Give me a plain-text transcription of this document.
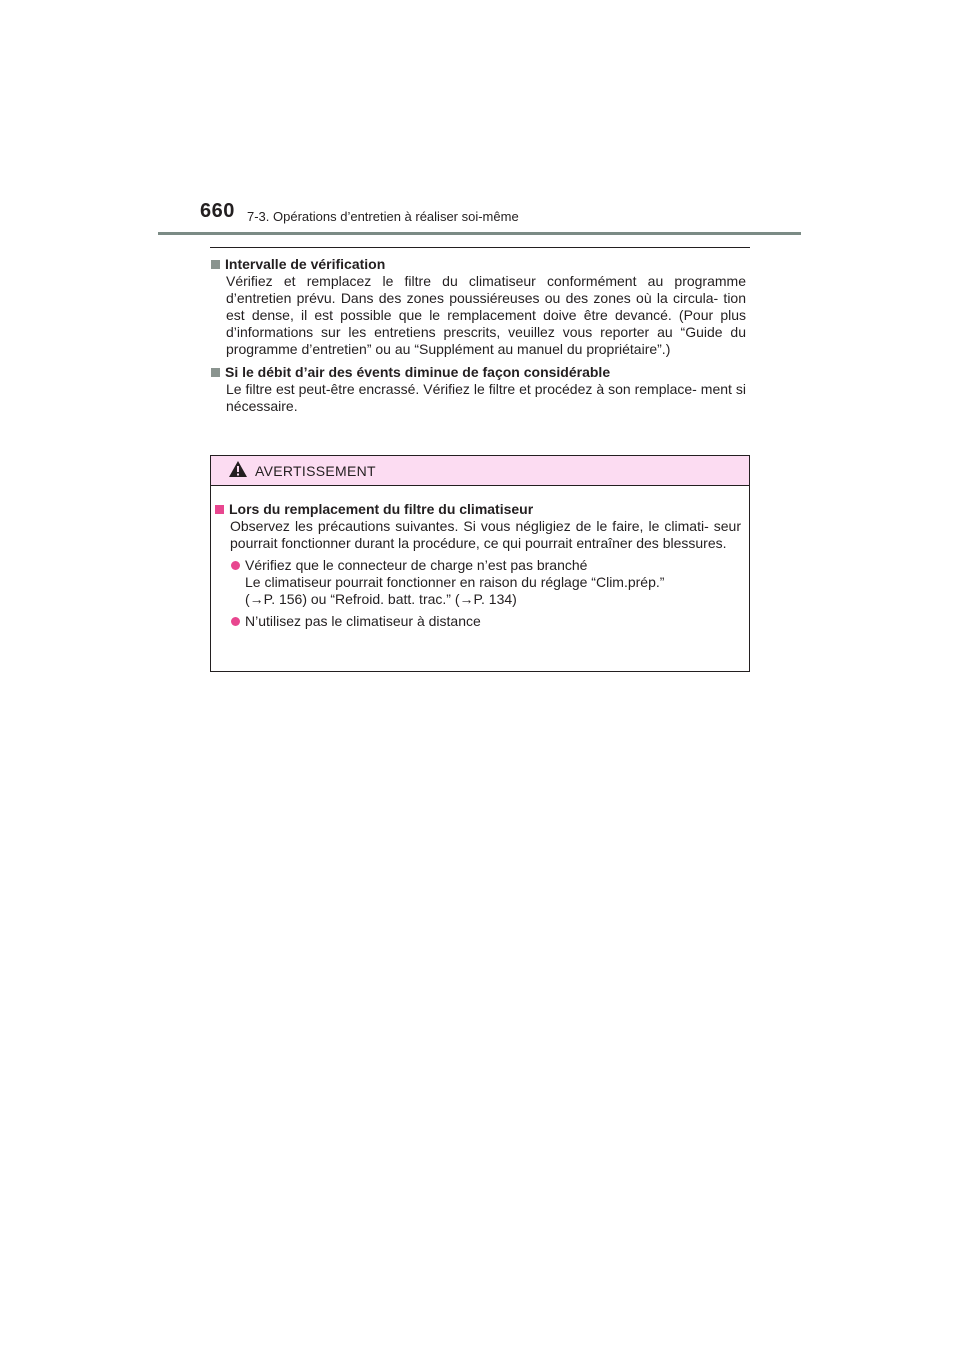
660 7-3. Opérations d’entretien à réaliser soi-même
Intervalle de vérification
Vérifiez et remplacez le filtre du climatiseur conformément au programme d’entretien prévu. Dans des zones poussiéreuses ou des zones où la circula- tion est dense, il est possible que le remplacement doive être devancé. (Pour plus d’informations sur les entretiens prescrits, veuillez vous reporter au “Guide du programme d’entretien” ou au “Supplément au manuel du propriétaire”.)
Si le débit d’air des évents diminue de façon considérable
Le filtre est peut-être encrassé. Vérifiez le filtre et procédez à son remplace- ment si nécessaire.
AVERTISSEMENT
Lors du remplacement du filtre du climatiseur
Observez les précautions suivantes. Si vous négligiez de le faire, le climati- seur pourrait fonctionner durant la procédure, ce qui pourrait entraîner des blessures.
Vérifiez que le connecteur de charge n’est pas branché
Le climatiseur pourrait fonctionner en raison du réglage “Clim.prép.”
(→P. 156) ou “Refroid. batt. trac.” (→P. 134)
N’utilisez pas le climatiseur à distance
